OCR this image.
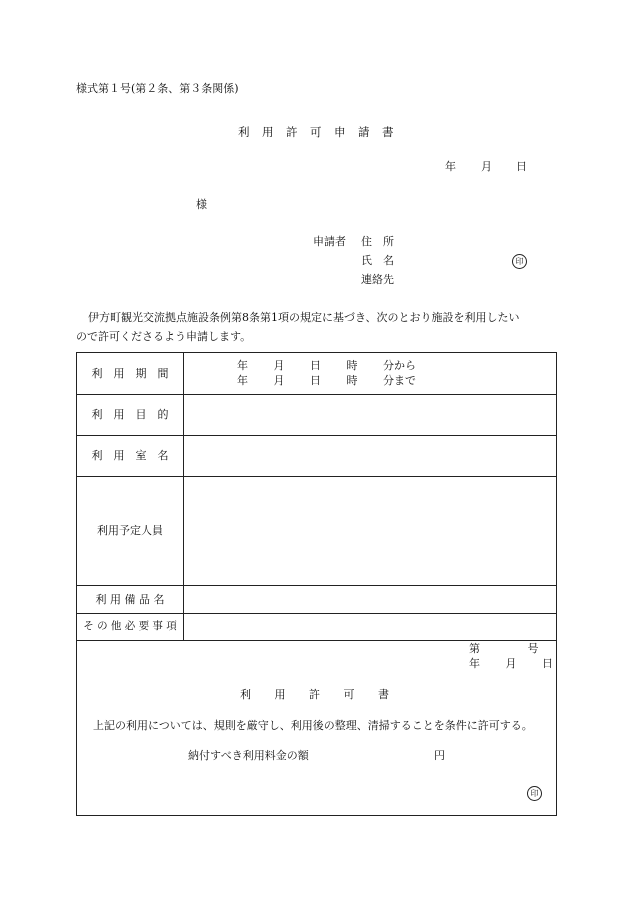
様式第１号(第２条、第３条関係)
利　用　許　可　申　請　書
年 月 日
様
申請者 住　所
氏　名	印
連絡先
伊方町観光交流拠点施設条例第8条第1項の規定に基づき、次のとおり施設を利用したい
ので許可くださるよう申請します。
利　用　期　間
利　用　目　的
利　用　室　名
利用予定人員
利 用 備 品 名
そ の 他 必 要 事 項
年　　 月　　 日　　 時　　 分から
年　　 月　　 日　　 時　　 分まで
第　　　　 号
年　　 月　　 日
利　　用　　許　　可　　書
上記の利用については、規則を厳守し、利用後の整理、清掃することを条件に許可する。
納付すべき利用料金の額	円
印
